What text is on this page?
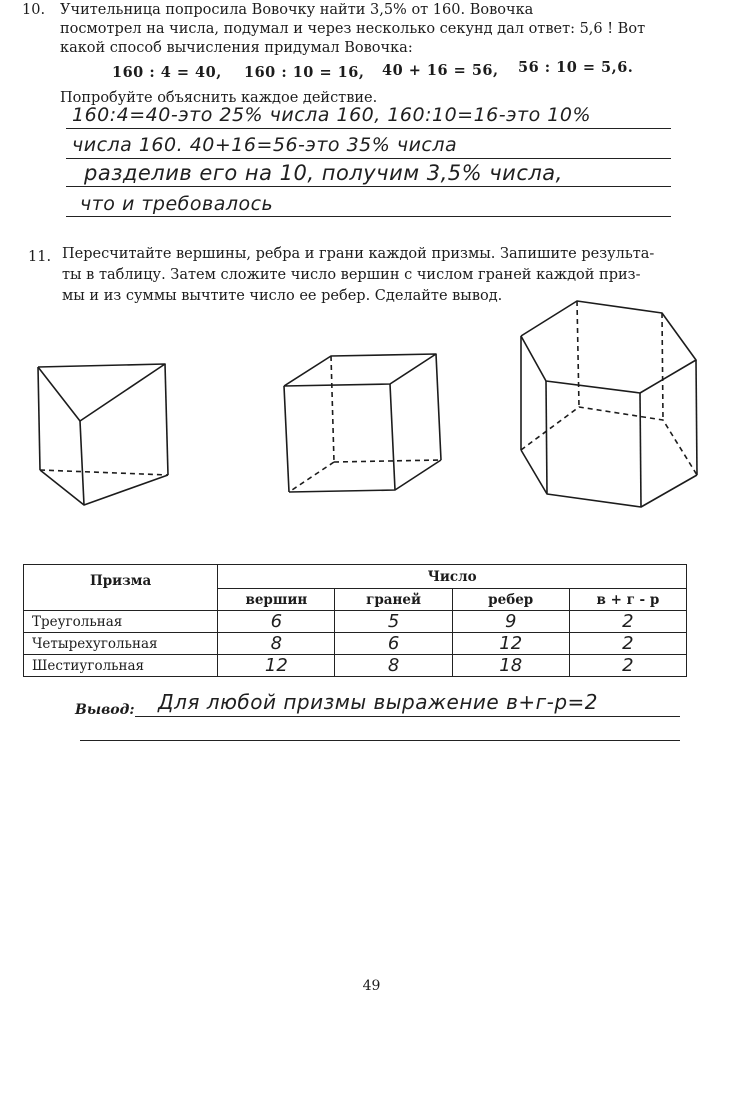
10. Учительница попросила Вовочку найти 3,5% от 160. Вовочка
посмотрел на числа, подумал и через несколько секунд дал ответ: 5,6 ! Вот
какой способ вычисления придумал Вовочка:
160 : 4 = 40, 160 : 10 = 16, 40 + 16 = 56, 56 : 10 = 5,6.
Попробуйте объяснить каждое действие.
160:4=40-это 25% числа 160, 160:10=16-это 10%
числа 160. 40+16=56-это 35% числа
разделив его на 10, получим 3,5% числа,
что и требовалось
11. Пересчитайте вершины, ребра и грани каждой призмы. Запишите результа-
ты в таблицу. Затем сложите число вершин с числом граней каждой приз-
мы и из суммы вычтите число ее ребер. Сделайте вывод.
Призма	Число			
	вершин	граней	ребер	в + г - р
Треугольная	6	5	9	2
Четырехугольная	8	6	12	2
Шестиугольная	12	8	18	2
Вывод: Для любой призмы выражение в+г-р=2
49
